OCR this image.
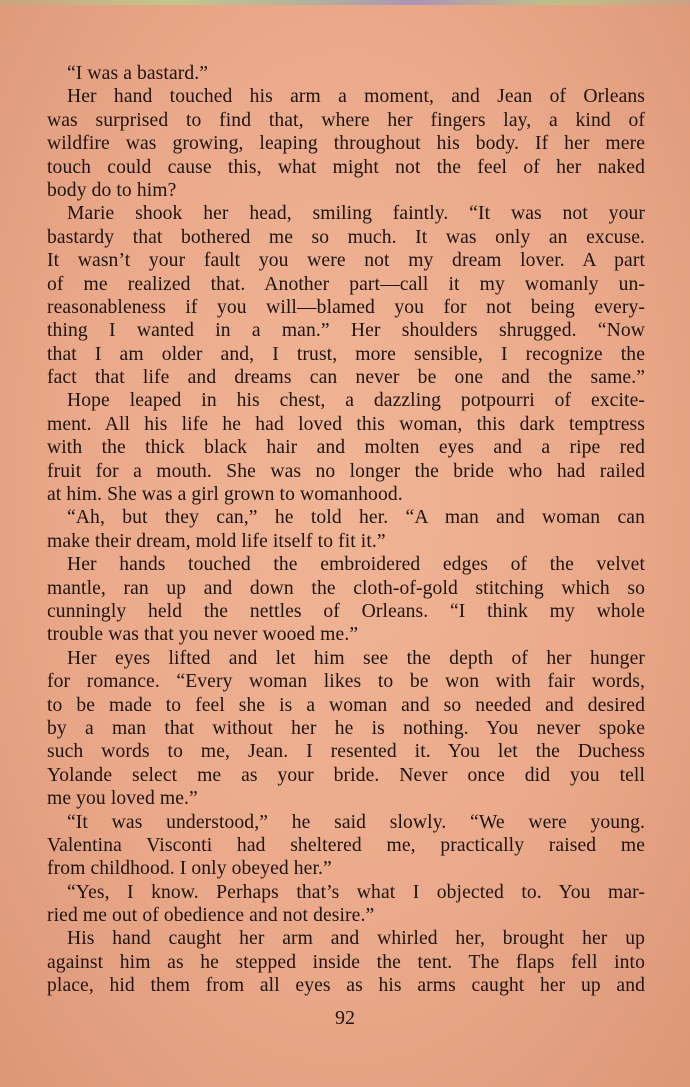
“I was a bastard.”
Her hand touched his arm a moment, and Jean of Orleans
was surprised to find that, where her fingers lay, a kind of
wildfire was growing, leaping throughout his body. If her mere
touch could cause this, what might not the feel of her naked
body do to him?
Marie shook her head, smiling faintly. “It was not your
bastardy that bothered me so much. It was only an excuse.
It wasn’t your fault you were not my dream lover. A part
of me realized that. Another part—call it my womanly un-
reasonableness if you will—blamed you for not being every-
thing I wanted in a man.” Her shoulders shrugged. “Now
that I am older and, I trust, more sensible, I recognize the
fact that life and dreams can never be one and the same.”
Hope leaped in his chest, a dazzling potpourri of excite-
ment. All his life he had loved this woman, this dark temptress
with the thick black hair and molten eyes and a ripe red
fruit for a mouth. She was no longer the bride who had railed
at him. She was a girl grown to womanhood.
“Ah, but they can,” he told her. “A man and woman can
make their dream, mold life itself to fit it.”
Her hands touched the embroidered edges of the velvet
mantle, ran up and down the cloth-of-gold stitching which so
cunningly held the nettles of Orleans. “I think my whole
trouble was that you never wooed me.”
Her eyes lifted and let him see the depth of her hunger
for romance. “Every woman likes to be won with fair words,
to be made to feel she is a woman and so needed and desired
by a man that without her he is nothing. You never spoke
such words to me, Jean. I resented it. You let the Duchess
Yolande select me as your bride. Never once did you tell
me you loved me.”
“It was understood,” he said slowly. “We were young.
Valentina Visconti had sheltered me, practically raised me
from childhood. I only obeyed her.”
“Yes, I know. Perhaps that’s what I objected to. You mar-
ried me out of obedience and not desire.”
His hand caught her arm and whirled her, brought her up
against him as he stepped inside the tent. The flaps fell into
place, hid them from all eyes as his arms caught her up and
92
